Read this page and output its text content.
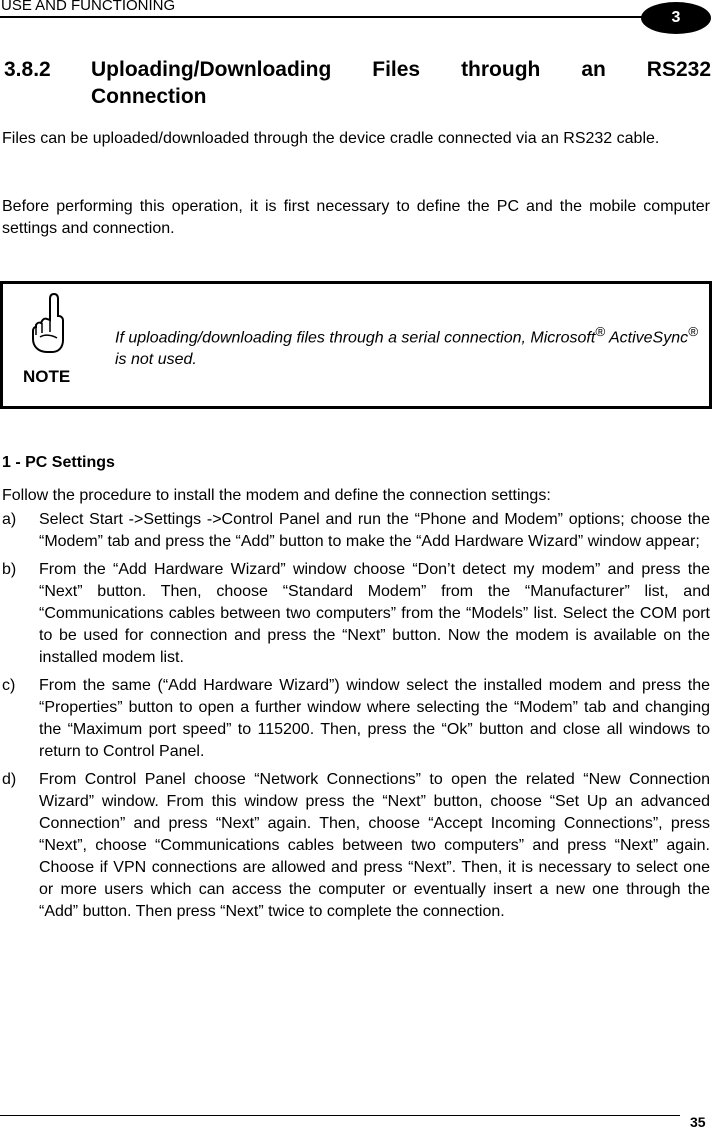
USE AND FUNCTIONING
3
3.8.2 Uploading/Downloading Files through an RS232
Connection

Files can be uploaded/downloaded through the device cradle connected via an RS232 cable.

Before performing this operation, it is first necessary to define the PC and the mobile computer settings and connection.

NOTE
If uploading/downloading files through a serial connection, Microsoft® ActiveSync® is not used.
1 - PC Settings
Follow the procedure to install the modem and define the connection settings:
a) Select Start ->Settings ->Control Panel and run the “Phone and Modem” options; choose the “Modem” tab and press the “Add” button to make the “Add Hardware Wizard” window appear;
b) From the “Add Hardware Wizard” window choose “Don’t detect my modem” and press the “Next” button. Then, choose “Standard Modem” from the “Manufacturer” list, and “Communications cables between two computers” from the “Models” list. Select the COM port to be used for connection and press the “Next” button. Now the modem is available on the installed modem list.
c) From the same (“Add Hardware Wizard”) window select the installed modem and press the “Properties” button to open a further window where selecting the “Modem” tab and changing the “Maximum port speed” to 115200. Then, press the “Ok” button and close all windows to return to Control Panel.
d) From Control Panel choose “Network Connections” to open the related “New Connection Wizard” window. From this window press the “Next” button, choose “Set Up an advanced Connection” and press “Next” again. Then, choose “Accept Incoming Connections”, press “Next”, choose “Communications cables between two computers” and press “Next” again. Choose if VPN connections are allowed and press “Next”. Then, it is necessary to select one or more users which can access the computer or eventually insert a new one through the “Add” button. Then press “Next” twice to complete the connection.
35
